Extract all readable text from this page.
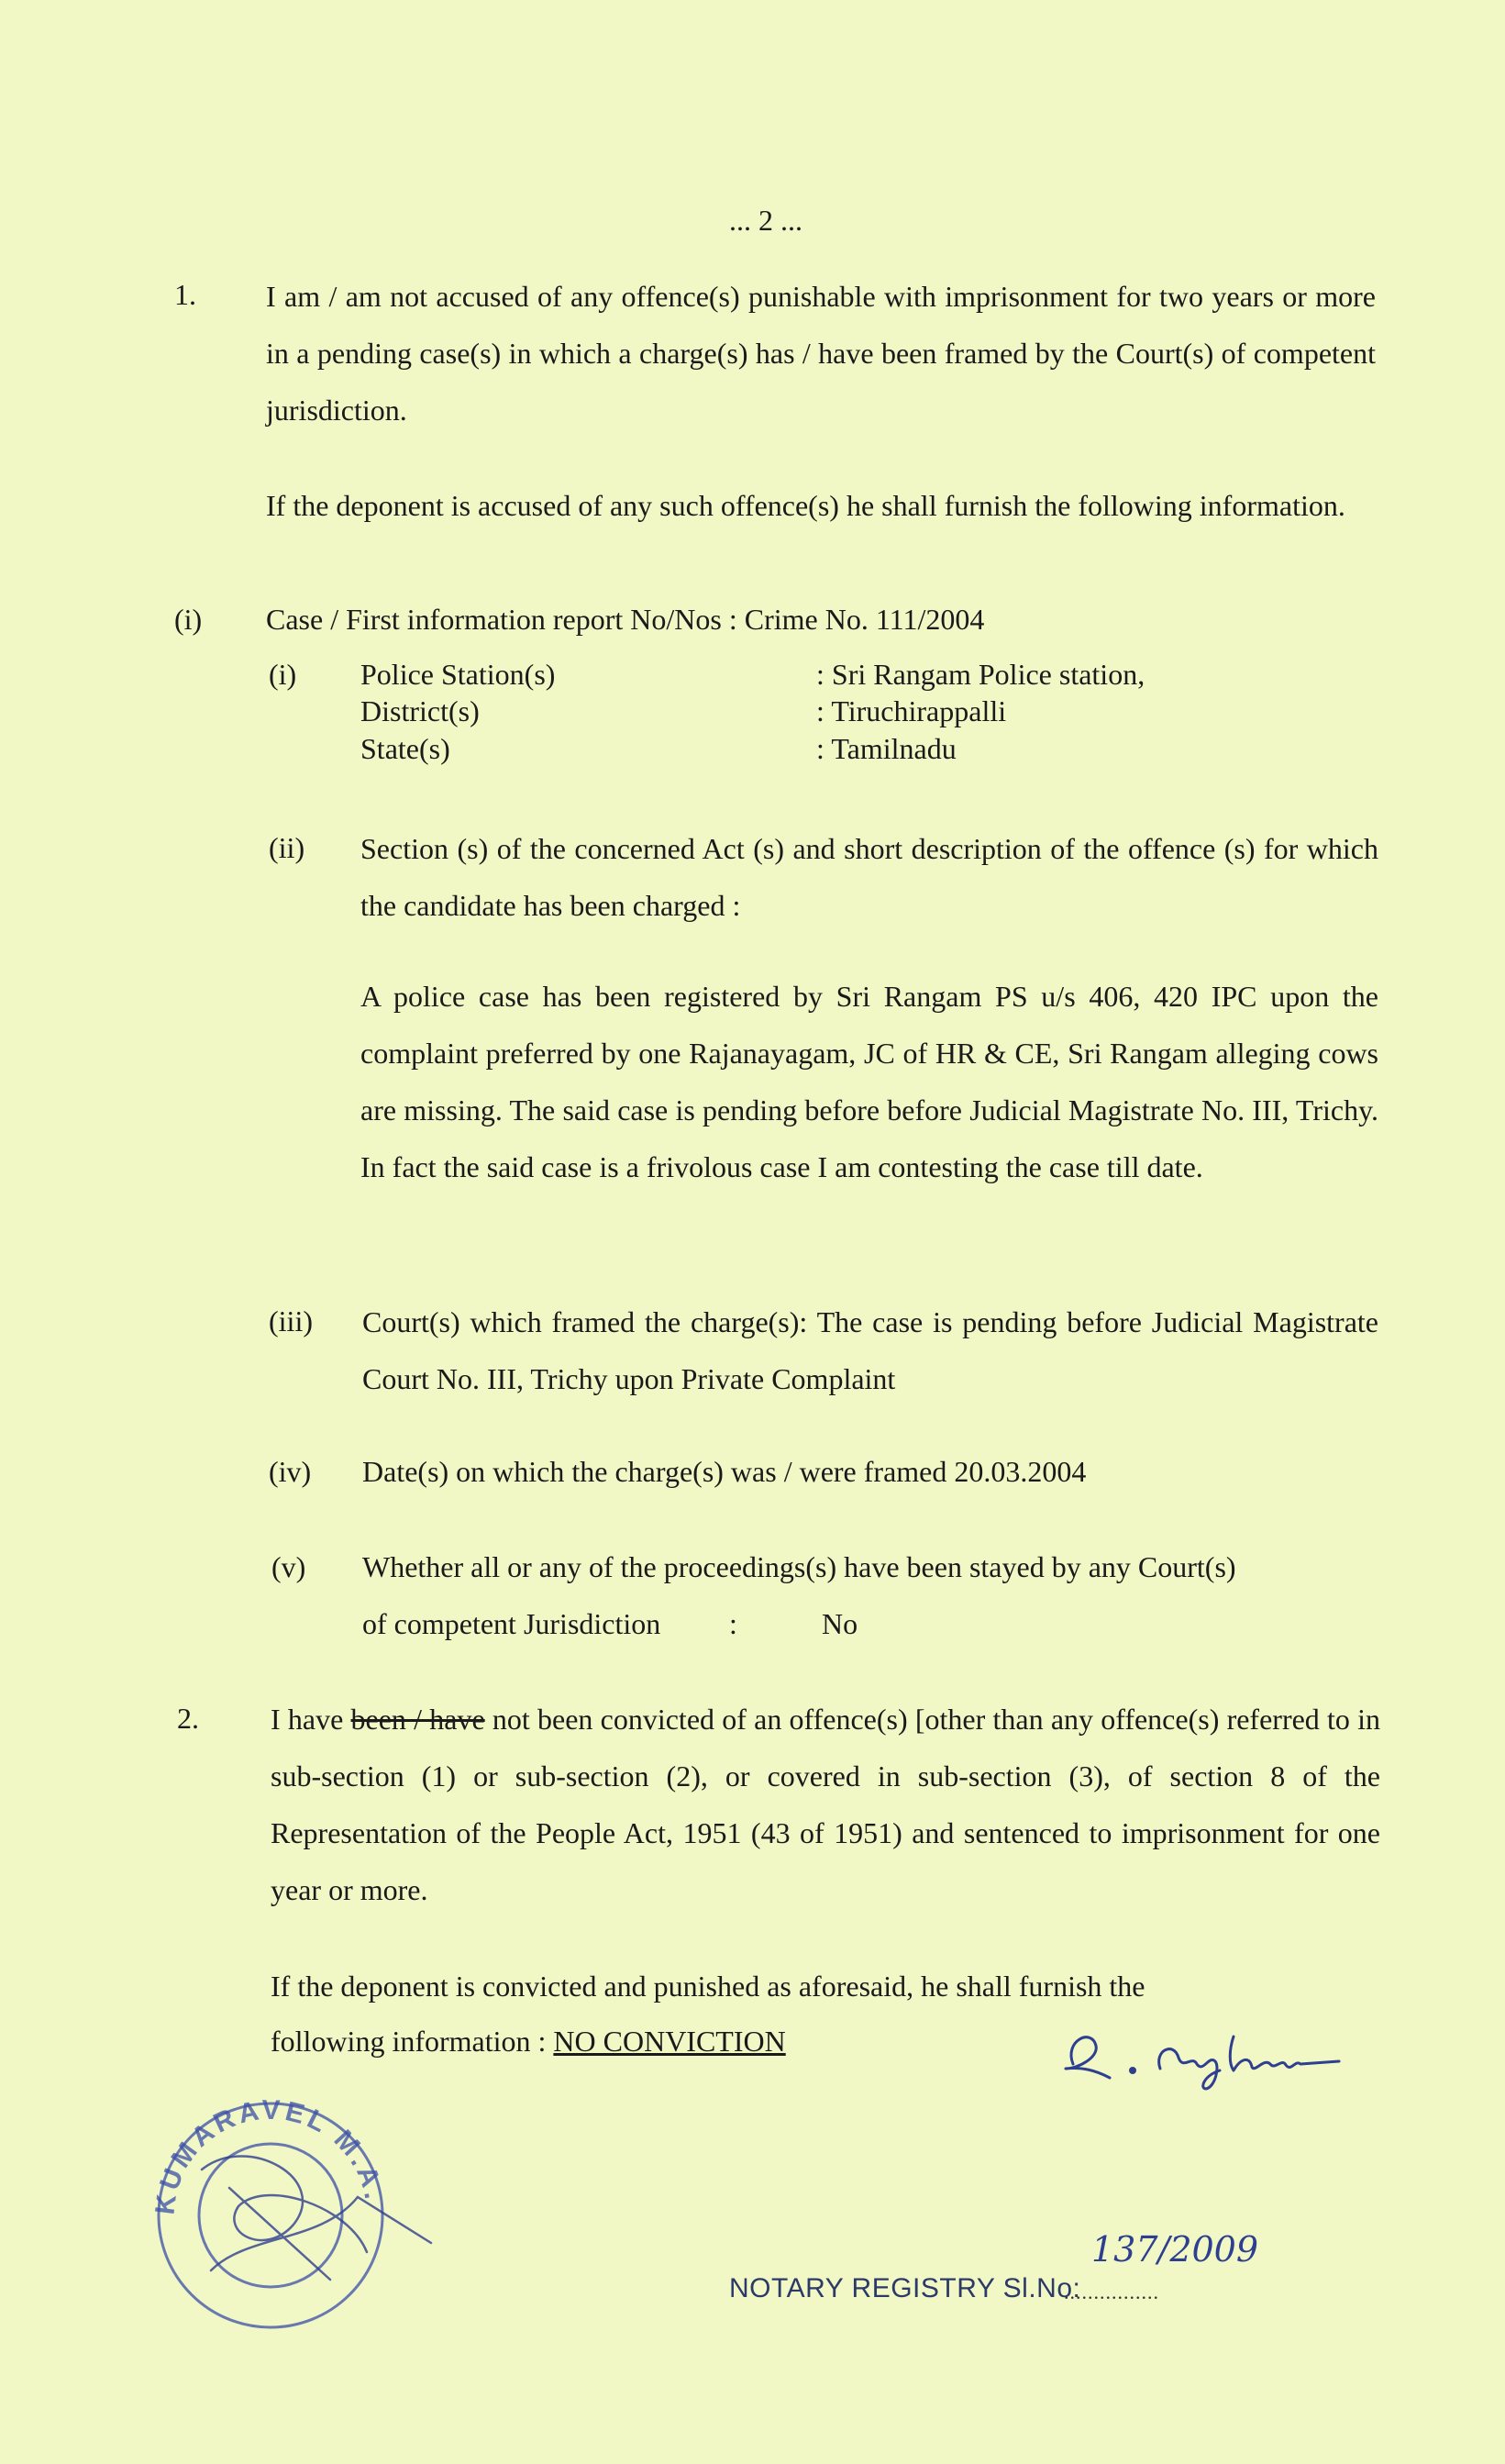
... 2 ...
1. I am / am not accused of any offence(s) punishable with imprisonment for two years or more in a pending case(s) in which a charge(s) has / have been framed by the Court(s) of competent jurisdiction.
If the deponent is accused of any such offence(s) he shall furnish the following information.
(i) Case / First information report No/Nos : Crime No. 111/2004
(i) Police Station(s)	: Sri Rangam Police station,
District(s)	: Tiruchirappalli
State(s)	: Tamilnadu
(ii) Section (s) of the concerned Act (s) and short description of the offence (s) for which the candidate has been charged :
A police case has been registered by Sri Rangam PS u/s 406, 420 IPC upon the complaint preferred by one Rajanayagam, JC of HR & CE, Sri Rangam alleging cows are missing. The said case is pending before before Judicial Magistrate No. III, Trichy. In fact the said case is a frivolous case I am contesting the case till date.
(iii) Court(s) which framed the charge(s): The case is pending before Judicial Magistrate Court No. III, Trichy upon Private Complaint
(iv) Date(s) on which the charge(s) was / were framed 20.03.2004
(v) Whether all or any of the proceedings(s) have been stayed by any Court(s)
of competent Jurisdiction :	No
2. I have been / have not been convicted of an offence(s) [other than any offence(s) referred to in sub-section (1) or sub-section (2), or covered in sub-section (3), of section 8 of the Representation of the People Act, 1951 (43 of 1951) and sentenced to imprisonment for one year or more.
If the deponent is convicted and punished as aforesaid, he shall furnish the
following information : NO CONVICTION
KUMARAVEL M.A.
NOTARY REGISTRY Sl.No:
................
137/2009
